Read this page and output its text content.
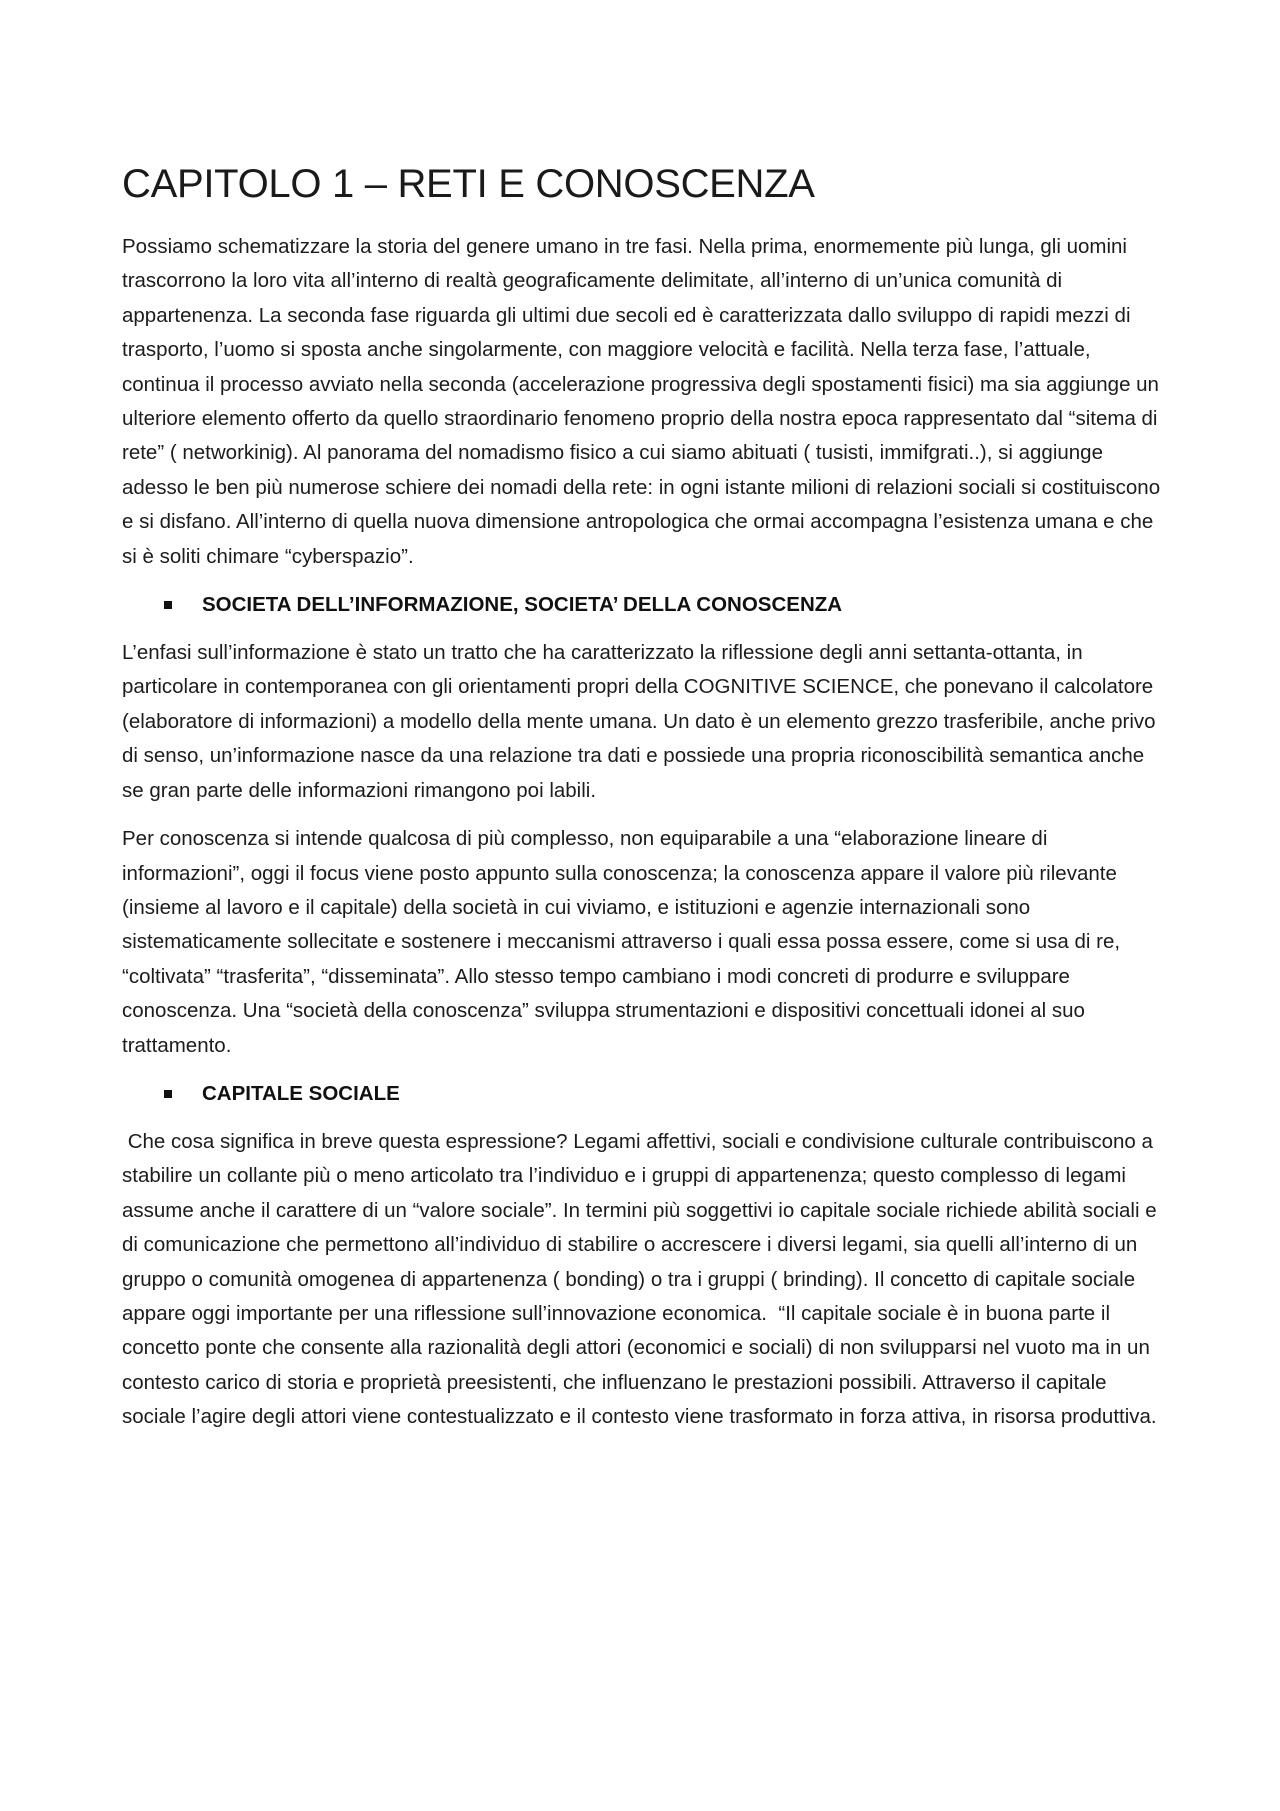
CAPITOLO 1 – RETI E CONOSCENZA

Possiamo schematizzare la storia del genere umano in tre fasi. Nella prima, enormemente più lunga, gli uomini trascorrono la loro vita all’interno di realtà geograficamente delimitate, all’interno di un’unica comunità di appartenenza. La seconda fase riguarda gli ultimi due secoli ed è caratterizzata dallo sviluppo di rapidi mezzi di trasporto, l’uomo si sposta anche singolarmente, con maggiore velocità e facilità. Nella terza fase, l’attuale, continua il processo avviato nella seconda (accelerazione progressiva degli spostamenti fisici) ma sia aggiunge un ulteriore elemento offerto da quello straordinario fenomeno proprio della nostra epoca rappresentato dal “sitema di rete” ( networkinig). Al panorama del nomadismo fisico a cui siamo abituati ( tusisti, immifgrati..), si aggiunge adesso le ben più numerose schiere dei nomadi della rete: in ogni istante milioni di relazioni sociali si costituiscono e si disfano. All’interno di quella nuova dimensione antropologica che ormai accompagna l’esistenza umana e che si è soliti chimare “cyberspazio”.

SOCIETA DELL’INFORMAZIONE, SOCIETA’ DELLA CONOSCENZA

L’enfasi sull’informazione è stato un tratto che ha caratterizzato la riflessione degli anni settanta-ottanta, in particolare in contemporanea con gli orientamenti propri della COGNITIVE SCIENCE, che ponevano il calcolatore (elaboratore di informazioni) a modello della mente umana. Un dato è un elemento grezzo trasferibile, anche privo di senso, un’informazione nasce da una relazione tra dati e possiede una propria riconoscibilità semantica anche se gran parte delle informazioni rimangono poi labili.

Per conoscenza si intende qualcosa di più complesso, non equiparabile a una “elaborazione lineare di informazioni”, oggi il focus viene posto appunto sulla conoscenza; la conoscenza appare il valore più rilevante (insieme al lavoro e il capitale) della società in cui viviamo, e istituzioni e agenzie internazionali sono sistematicamente sollecitate e sostenere i meccanismi attraverso i quali essa possa essere, come si usa di re, “coltivata” “trasferita”, “disseminata”. Allo stesso tempo cambiano i modi concreti di produrre e sviluppare conoscenza. Una “società della conoscenza” sviluppa strumentazioni e dispositivi concettuali idonei al suo trattamento.

CAPITALE SOCIALE

Che cosa significa in breve questa espressione? Legami affettivi, sociali e condivisione culturale contribuiscono a stabilire un collante più o meno articolato tra l’individuo e i gruppi di appartenenza; questo complesso di legami assume anche il carattere di un “valore sociale”. In termini più soggettivi io capitale sociale richiede abilità sociali e di comunicazione che permettono all’individuo di stabilire o accrescere i diversi legami, sia quelli all’interno di un gruppo o comunità omogenea di appartenenza ( bonding) o tra i gruppi ( brinding). Il concetto di capitale sociale appare oggi importante per una riflessione sull’innovazione economica.  “Il capitale sociale è in buona parte il concetto ponte che consente alla razionalità degli attori (economici e sociali) di non svilupparsi nel vuoto ma in un contesto carico di storia e proprietà preesistenti, che influenzano le prestazioni possibili. Attraverso il capitale sociale l’agire degli attori viene contestualizzato e il contesto viene trasformato in forza attiva, in risorsa produttiva.
